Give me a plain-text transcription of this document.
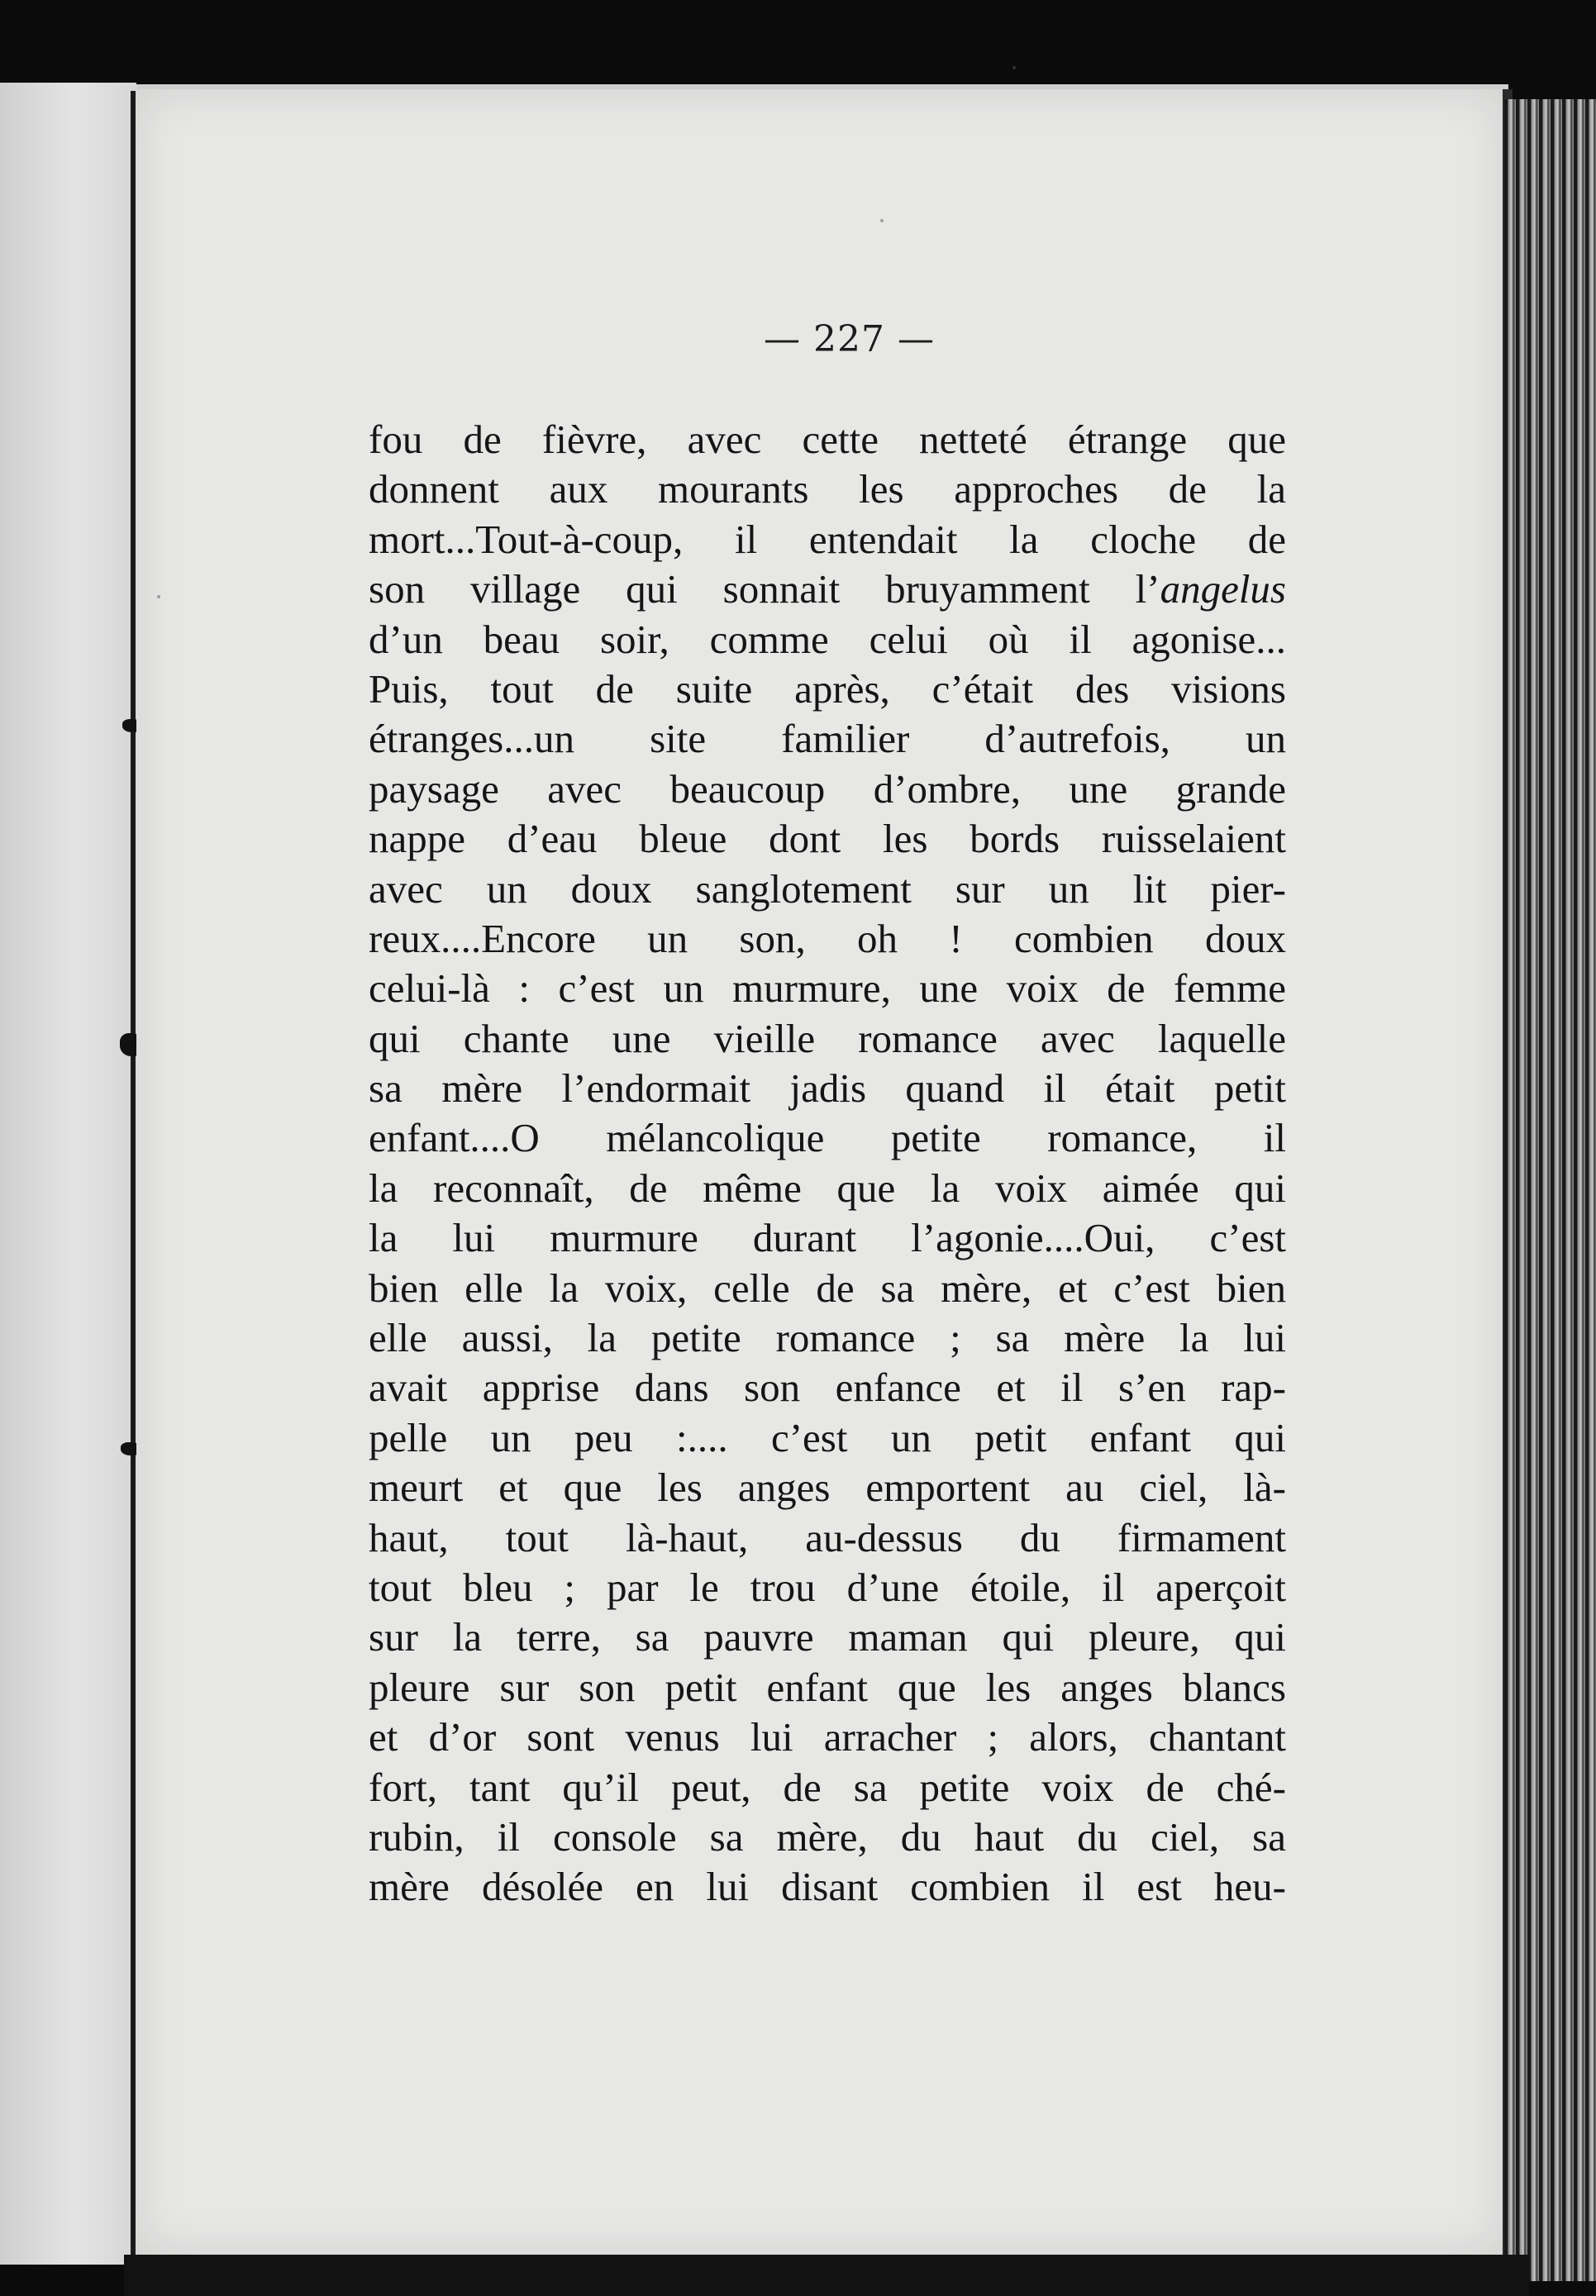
— 227 —
fou de fièvre, avec cette netteté étrange que
donnent aux mourants les approches de la
mort...Tout-à-coup, il entendait la cloche de
son village qui sonnait bruyamment l’angelus
d’un beau soir, comme celui où il agonise...
Puis, tout de suite après, c’était des visions
étranges...un site familier d’autrefois, un
paysage avec beaucoup d’ombre, une grande
nappe d’eau bleue dont les bords ruisselaient
avec un doux sanglotement sur un lit pier-
reux....Encore un son, oh ! combien doux
celui-là : c’est un murmure, une voix de femme
qui chante une vieille romance avec laquelle
sa mère l’endormait jadis quand il était petit
enfant....O mélancolique petite romance, il
la reconnaît, de même que la voix aimée qui
la lui murmure durant l’agonie....Oui, c’est
bien elle la voix, celle de sa mère, et c’est bien
elle aussi, la petite romance ; sa mère la lui
avait apprise dans son enfance et il s’en rap-
pelle un peu :.... c’est un petit enfant qui
meurt et que les anges emportent au ciel, là-
haut, tout là-haut, au-dessus du firmament
tout bleu ; par le trou d’une étoile, il aperçoit
sur la terre, sa pauvre maman qui pleure, qui
pleure sur son petit enfant que les anges blancs
et d’or sont venus lui arracher ; alors, chantant
fort, tant qu’il peut, de sa petite voix de ché-
rubin, il console sa mère, du haut du ciel, sa
mère désolée en lui disant combien il est heu-
